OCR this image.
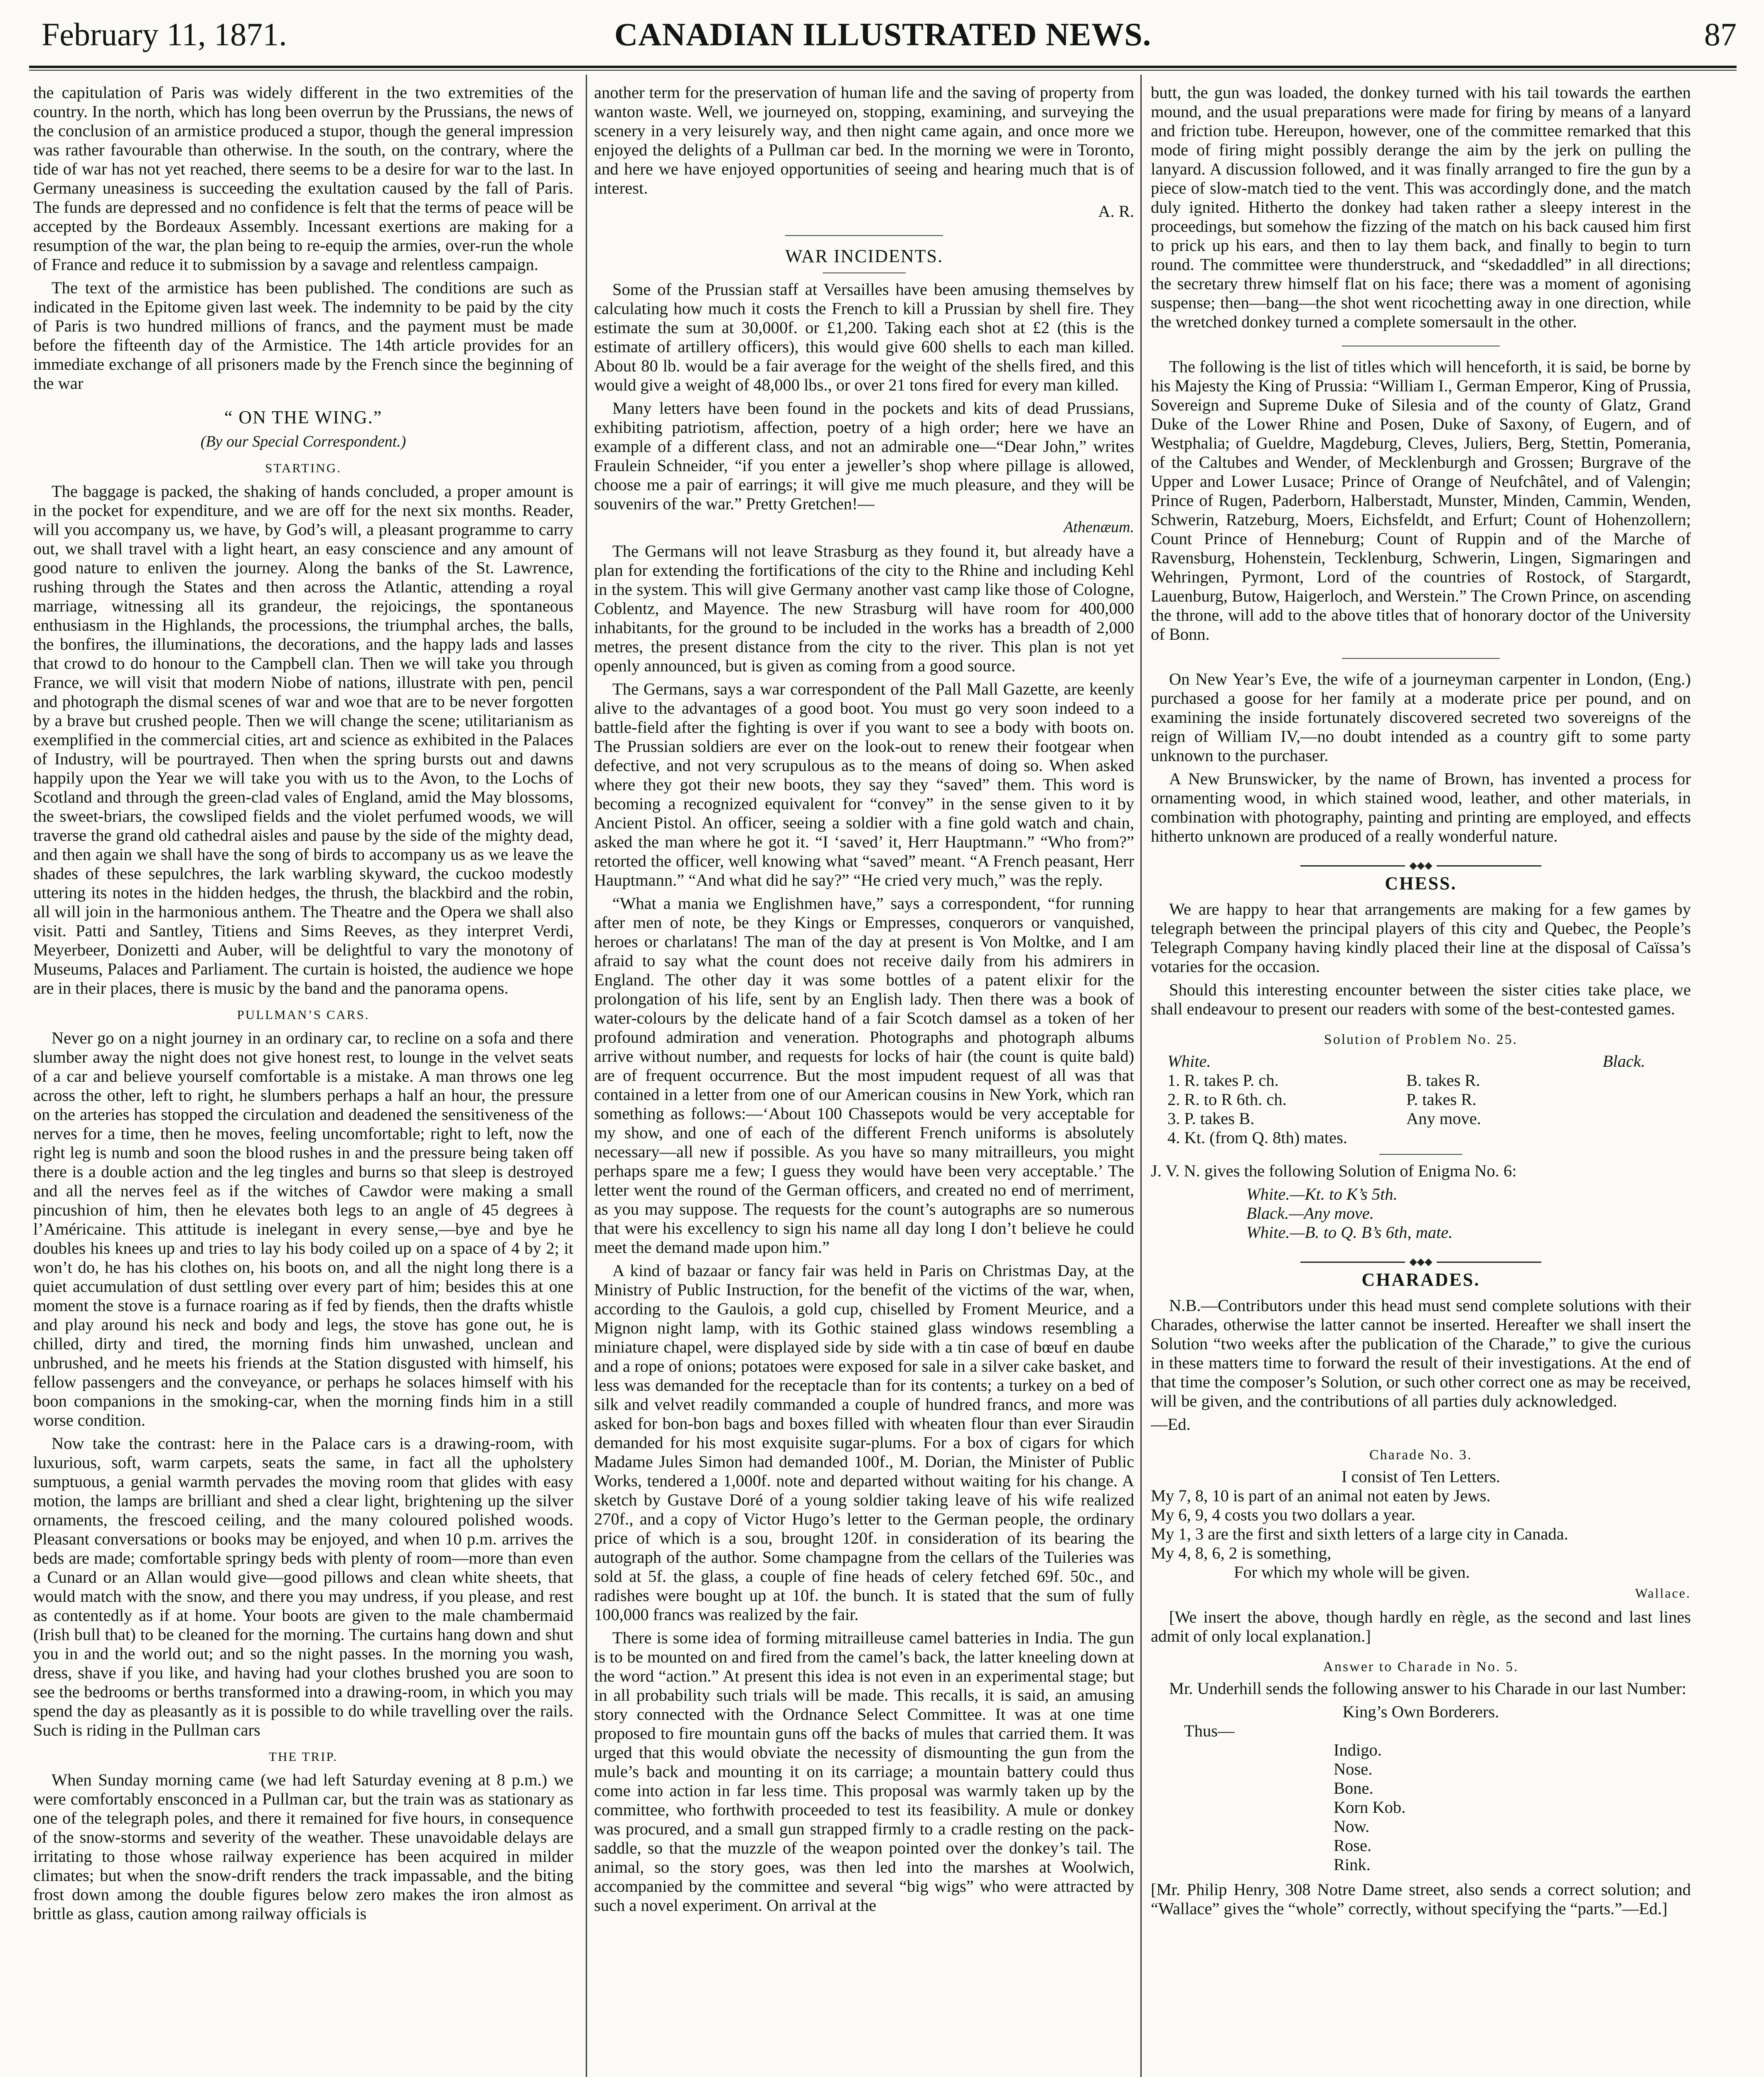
CANADIAN ILLUSTRATED NEWS.
February 11, 1871.	87

the capitulation of Paris was widely different in the two extremities of the country. In the north, which has long been overrun by the Prussians, the news of the conclusion of an armistice produced a stupor, though the general impression was rather favourable than otherwise. In the south, on the contrary, where the tide of war has not yet reached, there seems to be a desire for war to the last. In Germany uneasiness is succeeding the exultation caused by the fall of Paris. The funds are depressed and no confidence is felt that the terms of peace will be accepted by the Bordeaux Assembly. Incessant exertions are making for a resumption of the war, the plan being to re-equip the armies, over-run the whole of France and reduce it to submission by a savage and relentless campaign.

The text of the armistice has been published. The conditions are such as indicated in the Epitome given last week. The indemnity to be paid by the city of Paris is two hundred millions of francs, and the payment must be made before the fifteenth day of the Armistice. The 14th article provides for an immediate exchange of all prisoners made by the French since the beginning of the war

“ ON THE WING.”
(By our Special Correspondent.)
STARTING.

The baggage is packed, the shaking of hands concluded, a proper amount is in the pocket for expenditure, and we are off for the next six months. Reader, will you accompany us, we have, by God’s will, a pleasant programme to carry out, we shall travel with a light heart, an easy conscience and any amount of good nature to enliven the journey. Along the banks of the St. Lawrence, rushing through the States and then across the Atlantic, attending a royal marriage, witnessing all its grandeur, the rejoicings, the spontaneous enthusiasm in the Highlands, the processions, the triumphal arches, the balls, the bonfires, the illuminations, the decorations, and the happy lads and lasses that crowd to do honour to the Campbell clan. Then we will take you through France, we will visit that modern Niobe of nations, illustrate with pen, pencil and photograph the dismal scenes of war and woe that are to be never forgotten by a brave but crushed people. Then we will change the scene; utilitarianism as exemplified in the commercial cities, art and science as exhibited in the Palaces of Industry, will be pourtrayed. Then when the spring bursts out and dawns happily upon the Year we will take you with us to the Avon, to the Lochs of Scotland and through the green-clad vales of England, amid the May blossoms, the sweet-briars, the cowsliped fields and the violet perfumed woods, we will traverse the grand old cathedral aisles and pause by the side of the mighty dead, and then again we shall have the song of birds to accompany us as we leave the shades of these sepulchres, the lark warbling skyward, the cuckoo modestly uttering its notes in the hidden hedges, the thrush, the blackbird and the robin, all will join in the harmonious anthem. The Theatre and the Opera we shall also visit. Patti and Santley, Titiens and Sims Reeves, as they interpret Verdi, Meyerbeer, Donizetti and Auber, will be delightful to vary the monotony of Museums, Palaces and Parliament. The curtain is hoisted, the audience we hope are in their places, there is music by the band and the panorama opens.

PULLMAN’S CARS.

Never go on a night journey in an ordinary car, to recline on a sofa and there slumber away the night does not give honest rest, to lounge in the velvet seats of a car and believe yourself comfortable is a mistake. A man throws one leg across the other, left to right, he slumbers perhaps a half an hour, the pressure on the arteries has stopped the circulation and deadened the sensitiveness of the nerves for a time, then he moves, feeling uncomfortable; right to left, now the right leg is numb and soon the blood rushes in and the pressure being taken off there is a double action and the leg tingles and burns so that sleep is destroyed and all the nerves feel as if the witches of Cawdor were making a small pincushion of him, then he elevates both legs to an angle of 45 degrees à l’Américaine. This attitude is inelegant in every sense,—bye and bye he doubles his knees up and tries to lay his body coiled up on a space of 4 by 2; it won’t do, he has his clothes on, his boots on, and all the night long there is a quiet accumulation of dust settling over every part of him; besides this at one moment the stove is a furnace roaring as if fed by fiends, then the drafts whistle and play around his neck and body and legs, the stove has gone out, he is chilled, dirty and tired, the morning finds him unwashed, unclean and unbrushed, and he meets his friends at the Station disgusted with himself, his fellow passengers and the conveyance, or perhaps he solaces himself with his boon companions in the smoking-car, when the morning finds him in a still worse condition.

Now take the contrast: here in the Palace cars is a drawing-room, with luxurious, soft, warm carpets, seats the same, in fact all the upholstery sumptuous, a genial warmth pervades the moving room that glides with easy motion, the lamps are brilliant and shed a clear light, brightening up the silver ornaments, the frescoed ceiling, and the many coloured polished woods. Pleasant conversations or books may be enjoyed, and when 10 p.m. arrives the beds are made; comfortable springy beds with plenty of room—more than even a Cunard or an Allan would give—good pillows and clean white sheets, that would match with the snow, and there you may undress, if you please, and rest as contentedly as if at home. Your boots are given to the male chambermaid (Irish bull that) to be cleaned for the morning. The curtains hang down and shut you in and the world out; and so the night passes. In the morning you wash, dress, shave if you like, and having had your clothes brushed you are soon to see the bedrooms or berths transformed into a drawing-room, in which you may spend the day as pleasantly as it is possible to do while travelling over the rails. Such is riding in the Pullman cars

THE TRIP.

When Sunday morning came (we had left Saturday evening at 8 p.m.) we were comfortably ensconced in a Pullman car, but the train was as stationary as one of the telegraph poles, and there it remained for five hours, in consequence of the snow-storms and severity of the weather. These unavoidable delays are irritating to those whose railway experience has been acquired in milder climates; but when the snow-drift renders the track impassable, and the biting frost down among the double figures below zero makes the iron almost as brittle as glass, caution among railway officials is

another term for the preservation of human life and the saving of property from wanton waste. Well, we journeyed on, stopping, examining, and surveying the scenery in a very leisurely way, and then night came again, and once more we enjoyed the delights of a Pullman car bed. In the morning we were in Toronto, and here we have enjoyed opportunities of seeing and hearing much that is of interest.

A. R.
WAR INCIDENTS.

Some of the Prussian staff at Versailles have been amusing themselves by calculating how much it costs the French to kill a Prussian by shell fire. They estimate the sum at 30,000f. or £1,200. Taking each shot at £2 (this is the estimate of artillery officers), this would give 600 shells to each man killed. About 80 lb. would be a fair average for the weight of the shells fired, and this would give a weight of 48,000 lbs., or over 21 tons fired for every man killed.

Many letters have been found in the pockets and kits of dead Prussians, exhibiting patriotism, affection, poetry of a high order; here we have an example of a different class, and not an admirable one—“Dear John,” writes Fraulein Schneider, “if you enter a jeweller’s shop where pillage is allowed, choose me a pair of earrings; it will give me much pleasure, and they will be souvenirs of the war.” Pretty Gretchen!—

Athenæum.

The Germans will not leave Strasburg as they found it, but already have a plan for extending the fortifications of the city to the Rhine and including Kehl in the system. This will give Germany another vast camp like those of Cologne, Coblentz, and Mayence. The new Strasburg will have room for 400,000 inhabitants, for the ground to be included in the works has a breadth of 2,000 metres, the present distance from the city to the river. This plan is not yet openly announced, but is given as coming from a good source.

The Germans, says a war correspondent of the Pall Mall Gazette, are keenly alive to the advantages of a good boot. You must go very soon indeed to a battle-field after the fighting is over if you want to see a body with boots on. The Prussian soldiers are ever on the look-out to renew their footgear when defective, and not very scrupulous as to the means of doing so. When asked where they got their new boots, they say they “saved” them. This word is becoming a recognized equivalent for “convey” in the sense given to it by Ancient Pistol. An officer, seeing a soldier with a fine gold watch and chain, asked the man where he got it. “I ‘saved’ it, Herr Hauptmann.” “Who from?” retorted the officer, well knowing what “saved” meant. “A French peasant, Herr Hauptmann.” “And what did he say?” “He cried very much,” was the reply.

“What a mania we Englishmen have,” says a correspondent, “for running after men of note, be they Kings or Empresses, conquerors or vanquished, heroes or charlatans! The man of the day at present is Von Moltke, and I am afraid to say what the count does not receive daily from his admirers in England. The other day it was some bottles of a patent elixir for the prolongation of his life, sent by an English lady. Then there was a book of water-colours by the delicate hand of a fair Scotch damsel as a token of her profound admiration and veneration. Photographs and photograph albums arrive without number, and requests for locks of hair (the count is quite bald) are of frequent occurrence. But the most impudent request of all was that contained in a letter from one of our American cousins in New York, which ran something as follows:—‘About 100 Chassepots would be very acceptable for my show, and one of each of the different French uniforms is absolutely necessary—all new if possible. As you have so many mitrailleurs, you might perhaps spare me a few; I guess they would have been very acceptable.’ The letter went the round of the German officers, and created no end of merriment, as you may suppose. The requests for the count’s autographs are so numerous that were his excellency to sign his name all day long I don’t believe he could meet the demand made upon him.”

A kind of bazaar or fancy fair was held in Paris on Christmas Day, at the Ministry of Public Instruction, for the benefit of the victims of the war, when, according to the Gaulois, a gold cup, chiselled by Froment Meurice, and a Mignon night lamp, with its Gothic stained glass windows resembling a miniature chapel, were displayed side by side with a tin case of bœuf en daube and a rope of onions; potatoes were exposed for sale in a silver cake basket, and less was demanded for the receptacle than for its contents; a turkey on a bed of silk and velvet readily commanded a couple of hundred francs, and more was asked for bon-bon bags and boxes filled with wheaten flour than ever Siraudin demanded for his most exquisite sugar-plums. For a box of cigars for which Madame Jules Simon had demanded 100f., M. Dorian, the Minister of Public Works, tendered a 1,000f. note and departed without waiting for his change. A sketch by Gustave Doré of a young soldier taking leave of his wife realized 270f., and a copy of Victor Hugo’s letter to the German people, the ordinary price of which is a sou, brought 120f. in consideration of its bearing the autograph of the author. Some champagne from the cellars of the Tuileries was sold at 5f. the glass, a couple of fine heads of celery fetched 69f. 50c., and radishes were bought up at 10f. the bunch. It is stated that the sum of fully 100,000 francs was realized by the fair.

There is some idea of forming mitrailleuse camel batteries in India. The gun is to be mounted on and fired from the camel’s back, the latter kneeling down at the word “action.” At present this idea is not even in an experimental stage; but in all probability such trials will be made. This recalls, it is said, an amusing story connected with the Ordnance Select Committee. It was at one time proposed to fire mountain guns off the backs of mules that carried them. It was urged that this would obviate the necessity of dismounting the gun from the mule’s back and mounting it on its carriage; a mountain battery could thus come into action in far less time. This proposal was warmly taken up by the committee, who forthwith proceeded to test its feasibility. A mule or donkey was procured, and a small gun strapped firmly to a cradle resting on the pack-saddle, so that the muzzle of the weapon pointed over the donkey’s tail. The animal, so the story goes, was then led into the marshes at Woolwich, accompanied by the committee and several “big wigs” who were attracted by such a novel experiment. On arrival at the

butt, the gun was loaded, the donkey turned with his tail towards the earthen mound, and the usual preparations were made for firing by means of a lanyard and friction tube. Hereupon, however, one of the committee remarked that this mode of firing might possibly derange the aim by the jerk on pulling the lanyard. A discussion followed, and it was finally arranged to fire the gun by a piece of slow-match tied to the vent. This was accordingly done, and the match duly ignited. Hitherto the donkey had taken rather a sleepy interest in the proceedings, but somehow the fizzing of the match on his back caused him first to prick up his ears, and then to lay them back, and finally to begin to turn round. The committee were thunderstruck, and “skedaddled” in all directions; the secretary threw himself flat on his face; there was a moment of agonising suspense; then—bang—the shot went ricochetting away in one direction, while the wretched donkey turned a complete somersault in the other.

The following is the list of titles which will henceforth, it is said, be borne by his Majesty the King of Prussia: “William I., German Emperor, King of Prussia, Sovereign and Supreme Duke of Silesia and of the county of Glatz, Grand Duke of the Lower Rhine and Posen, Duke of Saxony, of Eugern, and of Westphalia; of Gueldre, Magdeburg, Cleves, Juliers, Berg, Stettin, Pomerania, of the Caltubes and Wender, of Mecklenburgh and Grossen; Burgrave of the Upper and Lower Lusace; Prince of Orange of Neufchâtel, and of Valengin; Prince of Rugen, Paderborn, Halberstadt, Munster, Minden, Cammin, Wenden, Schwerin, Ratzeburg, Moers, Eichsfeldt, and Erfurt; Count of Hohenzollern; Count Prince of Henneburg; Count of Ruppin and of the Marche of Ravensburg, Hohenstein, Tecklenburg, Schwerin, Lingen, Sigmaringen and Wehringen, Pyrmont, Lord of the countries of Rostock, of Stargardt, Lauenburg, Butow, Haigerloch, and Werstein.” The Crown Prince, on ascending the throne, will add to the above titles that of honorary doctor of the University of Bonn.

On New Year’s Eve, the wife of a journeyman carpenter in London, (Eng.) purchased a goose for her family at a moderate price per pound, and on examining the inside fortunately discovered secreted two sovereigns of the reign of William IV,—no doubt intended as a country gift to some party unknown to the purchaser.

A New Brunswicker, by the name of Brown, has invented a process for ornamenting wood, in which stained wood, leather, and other materials, in combination with photography, painting and printing are employed, and effects hitherto unknown are produced of a really wonderful nature.

◆◆◆
CHESS.

We are happy to hear that arrangements are making for a few games by telegraph between the principal players of this city and Quebec, the People’s Telegraph Company having kindly placed their line at the disposal of Caïssa’s votaries for the occasion.

Should this interesting encounter between the sister cities take place, we shall endeavour to present our readers with some of the best-contested games.

Solution of Problem No. 25.
White.	Black.
1. R. takes P. ch.	B. takes R.
2. R. to R 6th. ch.	P. takes R.
3. P. takes B.	Any move.
4. Kt. (from Q. 8th) mates.

J. V. N. gives the following Solution of Enigma No. 6:

White.—Kt. to K’s 5th.
Black.—Any move.
White.—B. to Q. B’s 6th, mate.
◆◆◆
CHARADES.

N.B.—Contributors under this head must send complete solutions with their Charades, otherwise the latter cannot be inserted. Hereafter we shall insert the Solution “two weeks after the publication of the Charade,” to give the curious in these matters time to forward the result of their investigations. At the end of that time the composer’s Solution, or such other correct one as may be received, will be given, and the contributions of all parties duly acknowledged.

—Ed.

Charade No. 3.
I consist of Ten Letters.

My 7, 8, 10 is part of an animal not eaten by Jews.

My 6, 9, 4 costs you two dollars a year.

My 1, 3 are the first and sixth letters of a large city in Canada.

My 4, 8, 6, 2 is something,

For which my whole will be given.
Wallace.

[We insert the above, though hardly en règle, as the second and last lines admit of only local explanation.]

Answer to Charade in No. 5.

Mr. Underhill sends the following answer to his Charade in our last Number:

King’s Own Borderers.
Thus—
Indigo.
Nose.
Bone.
Korn Kob.
Now.
Rose.
Rink.

[Mr. Philip Henry, 308 Notre Dame street, also sends a correct solution; and “Wallace” gives the “whole” correctly, without specifying the “parts.”—Ed.]
